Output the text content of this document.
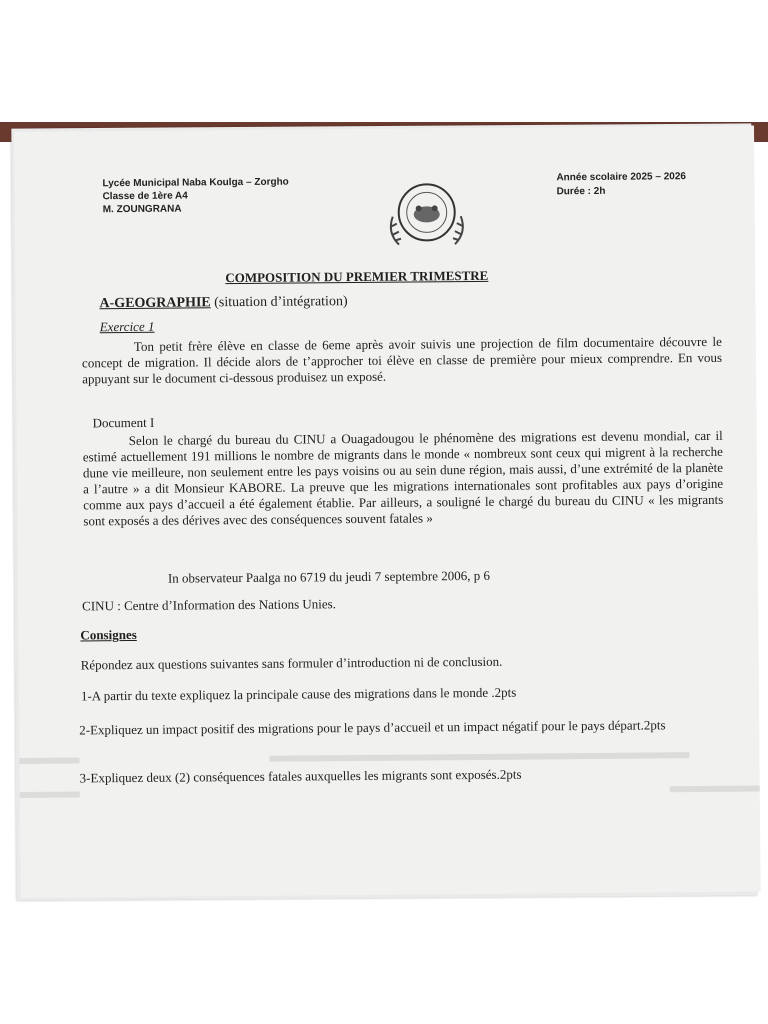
Lycée Municipal Naba Koulga – Zorgho
Classe de 1ère A4
M. ZOUNGRANA
Année scolaire 2025 – 2026
Durée : 2h
COMPOSITION DU PREMIER TRIMESTRE
A-GEOGRAPHIE (situation d’intégration)
Exercice 1
Ton petit frère élève en classe de 6eme après avoir suivis une projection de film documentaire découvre le concept de migration. Il décide alors de t’approcher toi élève en classe de première pour mieux comprendre. En vous appuyant sur le document ci-dessous produisez un exposé.
Document I
Selon le chargé du bureau du CINU a Ouagadougou le phénomène des migrations est devenu mondial, car il estimé actuellement 191 millions le nombre de migrants dans le monde « nombreux sont ceux qui migrent à la recherche dune vie meilleure, non seulement entre les pays voisins ou au sein dune région, mais aussi, d’une extrémité de la planète a l’autre » a dit Monsieur KABORE. La preuve que les migrations internationales sont profitables aux pays d’origine comme aux pays d’accueil a été également établie. Par ailleurs, a souligné le chargé du bureau du CINU « les migrants sont exposés a des dérives avec des conséquences souvent fatales »
In observateur Paalga no 6719 du jeudi 7 septembre 2006, p 6
CINU : Centre d’Information des Nations Unies.
Consignes
Répondez aux questions suivantes sans formuler d’introduction ni de conclusion.
1-A partir du texte expliquez la principale cause des migrations dans le monde .2pts
2-Expliquez un impact positif des migrations pour le pays d’accueil et un impact négatif pour le pays départ.2pts
3-Expliquez deux (2) conséquences fatales auxquelles les migrants sont exposés.2pts
